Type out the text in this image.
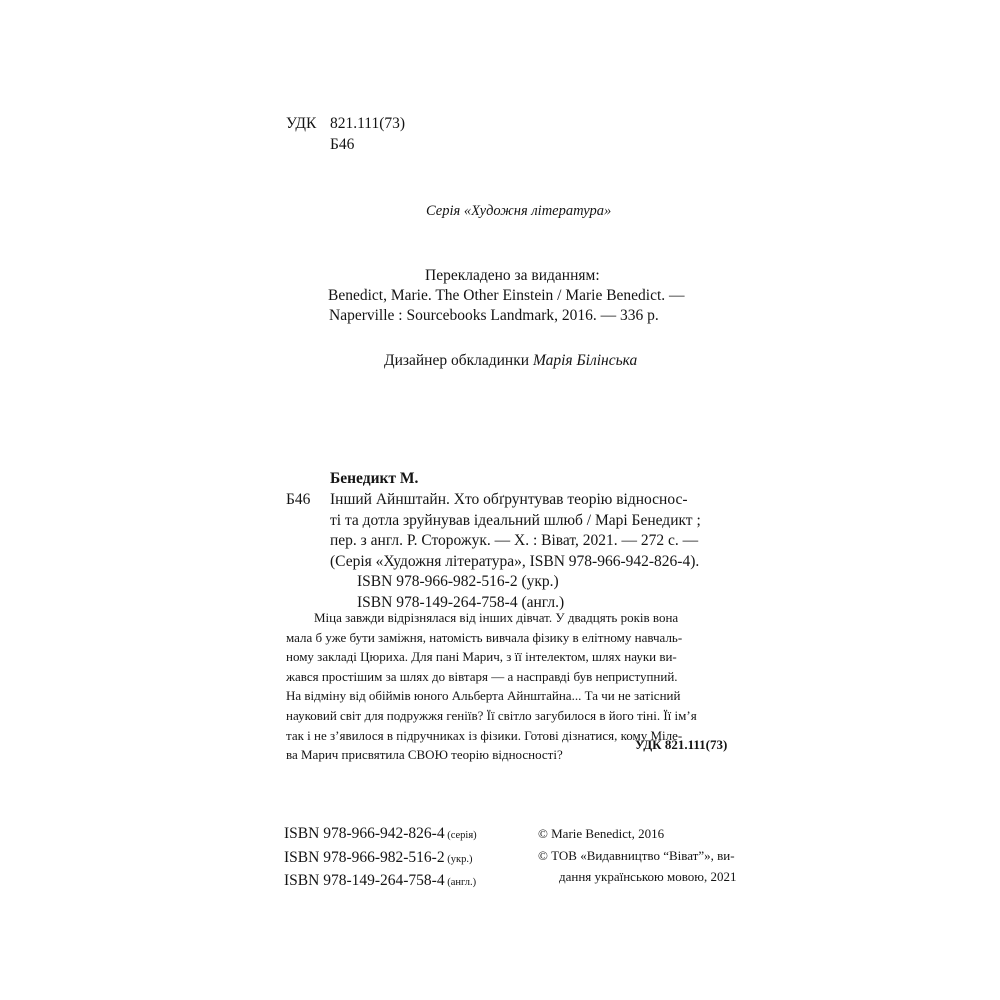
УДК 821.111(73)
Б46
Серія «Художня література»
Перекладено за виданням:
Benedict, Marie. The Other Einstein / Marie Benedict. —
Naperville : Sourcebooks Landmark, 2016. — 336 p.
Дизайнер обкладинки Марія Білінська
Бенедикт М.
Б46 Інший Айнштайн. Хто обґрунтував теорію відноснос-
ті та дотла зруйнував ідеальний шлюб / Марі Бенедикт ;
пер. з англ. Р. Сторожук. — Х. : Віват, 2021. — 272 с. —
(Серія «Художня література», ISBN 978-966-942-826-4).
ISBN 978-966-982-516-2 (укр.)
ISBN 978-149-264-758-4 (англ.)
Міца завжди відрізнялася від інших дівчат. У двадцять років вона
мала б уже бути заміжня, натомість вивчала фізику в елітному навчаль-
ному закладі Цюриха. Для пані Марич, з її інтелектом, шлях науки ви-
жався простішим за шлях до вівтаря — а насправді був неприступний.
На відміну від обіймів юного Альберта Айнштайна... Та чи не затісний
науковий світ для подружжя геніїв? Її світло загубилося в його тіні. Її ім’я
так і не з’явилося в підручниках із фізики. Готові дізнатися, кому Міле-
ва Марич присвятила СВОЮ теорію відносності?
УДК 821.111(73)
ISBN 978-966-942-826-4 (серія)
ISBN 978-966-982-516-2 (укр.)
ISBN 978-149-264-758-4 (англ.)
© Marie Benedict, 2016
© ТОВ «Видавництво “Віват”», ви-
дання українською мовою, 2021
